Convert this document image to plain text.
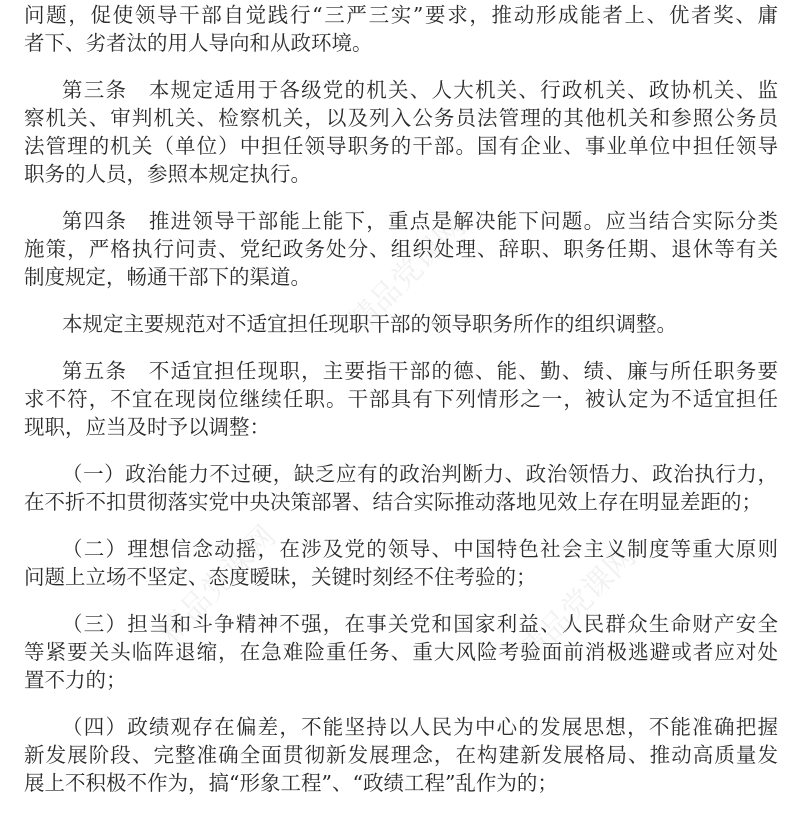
精品党课网
精品党课网	精品党课网
问题，促使领导干部自觉践行“三严三实”要求，推动形成能者上、优者奖、庸
者下、劣者汰的用人导向和从政环境。
第三条　本规定适用于各级党的机关、人大机关、行政机关、政协机关、监
察机关、审判机关、检察机关，以及列入公务员法管理的其他机关和参照公务员
法管理的机关（单位）中担任领导职务的干部。国有企业、事业单位中担任领导
职务的人员，参照本规定执行。
第四条　推进领导干部能上能下，重点是解决能下问题。应当结合实际分类
施策，严格执行问责、党纪政务处分、组织处理、辞职、职务任期、退休等有关
制度规定，畅通干部下的渠道。
本规定主要规范对不适宜担任现职干部的领导职务所作的组织调整。
第五条　不适宜担任现职，主要指干部的德、能、勤、绩、廉与所任职务要
求不符，不宜在现岗位继续任职。干部具有下列情形之一，被认定为不适宜担任
现职，应当及时予以调整：
（一）政治能力不过硬，缺乏应有的政治判断力、政治领悟力、政治执行力，
在不折不扣贯彻落实党中央决策部署、结合实际推动落地见效上存在明显差距的；
（二）理想信念动摇，在涉及党的领导、中国特色社会主义制度等重大原则
问题上立场不坚定、态度暧昧，关键时刻经不住考验的；
（三）担当和斗争精神不强，在事关党和国家利益、人民群众生命财产安全
等紧要关头临阵退缩，在急难险重任务、重大风险考验面前消极逃避或者应对处
置不力的；
（四）政绩观存在偏差，不能坚持以人民为中心的发展思想，不能准确把握
新发展阶段、完整准确全面贯彻新发展理念，在构建新发展格局、推动高质量发
展上不积极不作为，搞“形象工程”、“政绩工程”乱作为的；
